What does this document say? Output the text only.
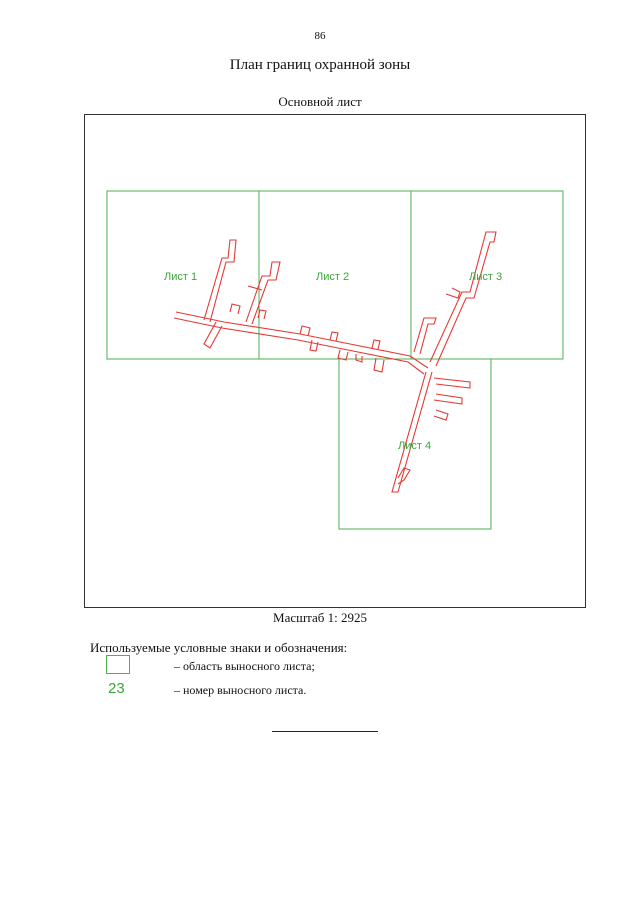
86
План границ охранной зоны
Основной лист
Лист 1	Лист 2	Лист 3
Лист 4
Масштаб 1: 2925
Используемые условные знаки и обозначения:
– область выносного листа;
23	– номер выносного листа.
